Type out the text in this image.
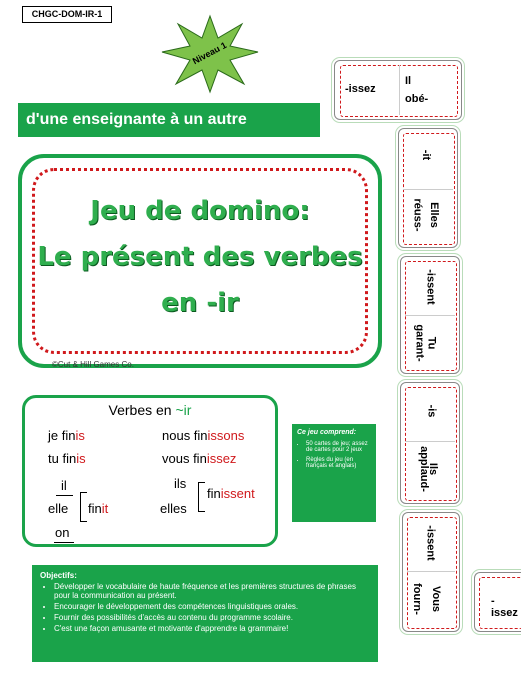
CHGC-DOM-IR-1
Niveau 1
d'une enseignante à un autre
Jeu de domino:
Le présent des verbes
en -ir
©Cut & Hill Games Co.
Verbes en ~ir
je finis
tu finis
il
elle
on
finit
nous finissons
vous finissez
ils
elles
finissent
Ce jeu comprend:
• 50 cartes de jeu; assez de cartes pour 2 jeux
• Règles du jeu (en français et anglais)
Objectifs:
• Développer le vocabulaire de haute fréquence et les premières structures de phrases pour la communication au présent.
• Encourager le développement des compétences linguistiques orales.
• Fournir des possibilités d'accès au contenu du programme scolaire.
• C'est une façon amusante et motivante d'apprendre la grammaire!
-issez
Il
obé-
-it
Elles
réuss-
-issent
Tu
garant-
-is
Ils
applaud-
-issent
Vous
fourn-	-issez
